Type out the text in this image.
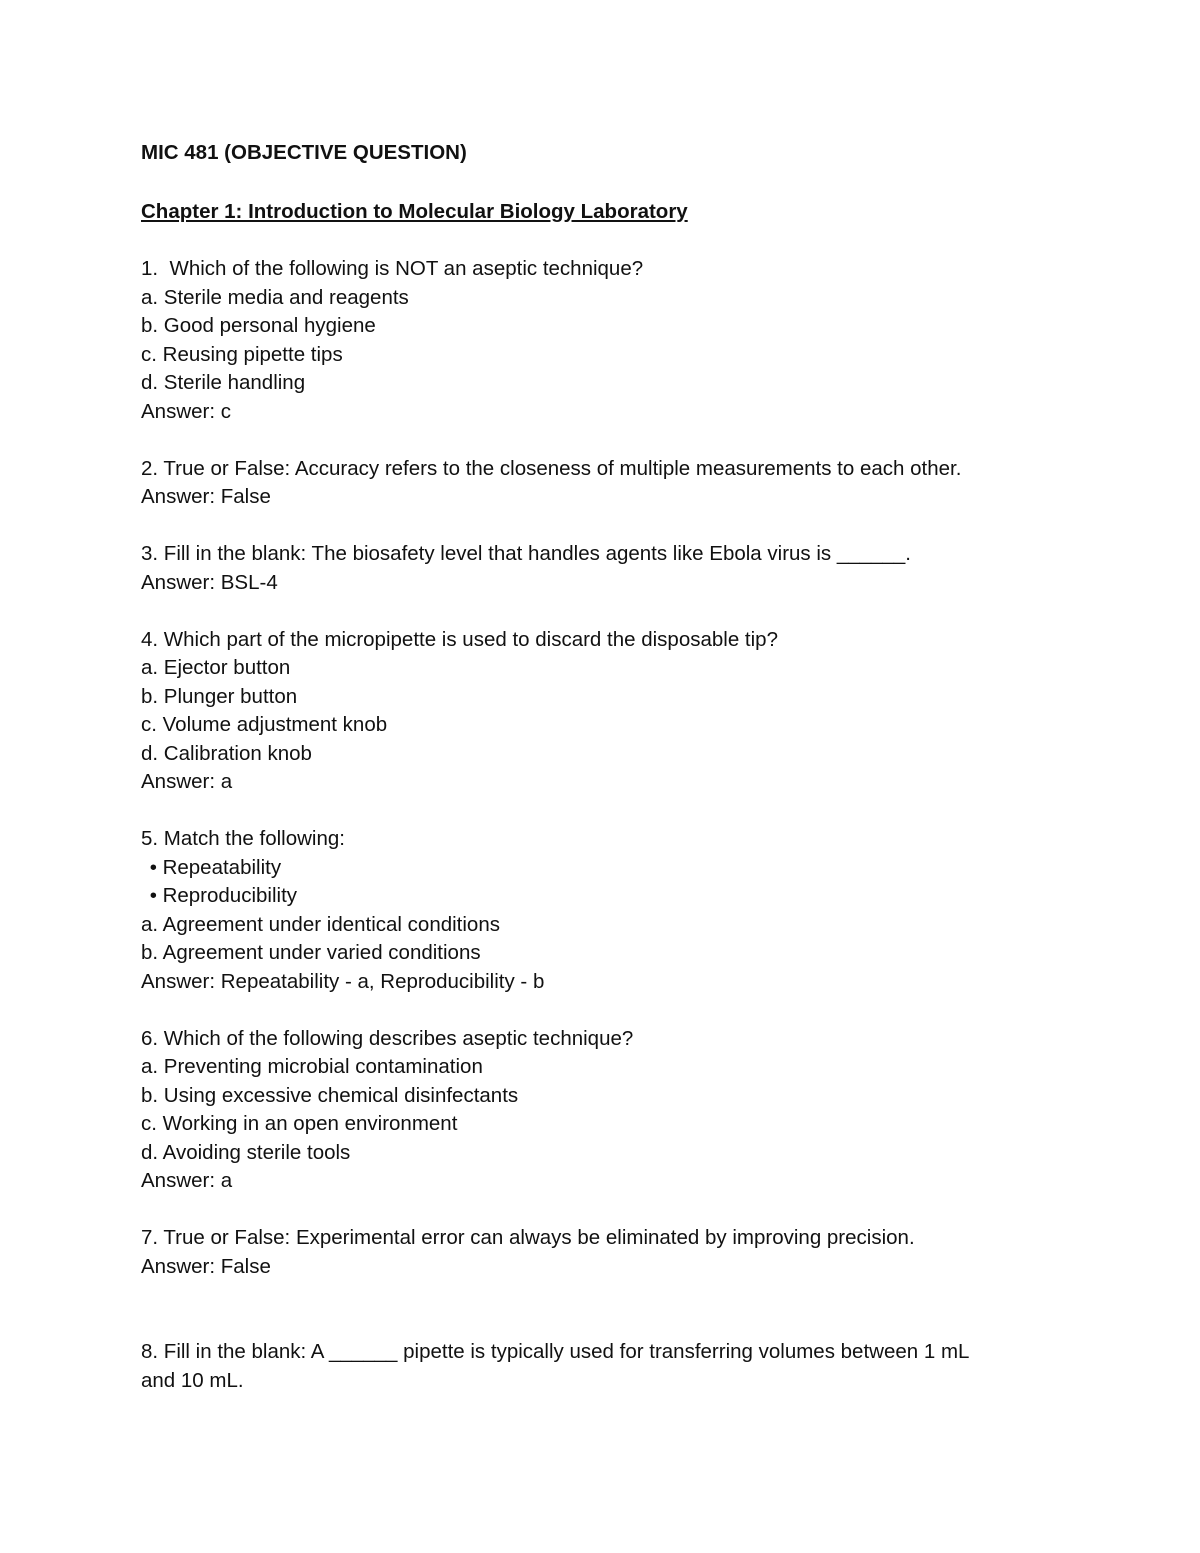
MIC 481 (OBJECTIVE QUESTION)
Chapter 1: Introduction to Molecular Biology Laboratory
1.  Which of the following is NOT an aseptic technique?
a. Sterile media and reagents
b. Good personal hygiene
c. Reusing pipette tips
d. Sterile handling
Answer: c
2. True or False: Accuracy refers to the closeness of multiple measurements to each other.
Answer: False
3. Fill in the blank: The biosafety level that handles agents like Ebola virus is ______.
Answer: BSL-4
4. Which part of the micropipette is used to discard the disposable tip?
a. Ejector button
b. Plunger button
c. Volume adjustment knob
d. Calibration knob
Answer: a
5. Match the following:
• Repeatability
• Reproducibility
a. Agreement under identical conditions
b. Agreement under varied conditions
Answer: Repeatability - a, Reproducibility - b
6. Which of the following describes aseptic technique?
a. Preventing microbial contamination
b. Using excessive chemical disinfectants
c. Working in an open environment
d. Avoiding sterile tools
Answer: a
7. True or False: Experimental error can always be eliminated by improving precision.
Answer: False
8. Fill in the blank: A ______ pipette is typically used for transferring volumes between 1 mL
and 10 mL.
